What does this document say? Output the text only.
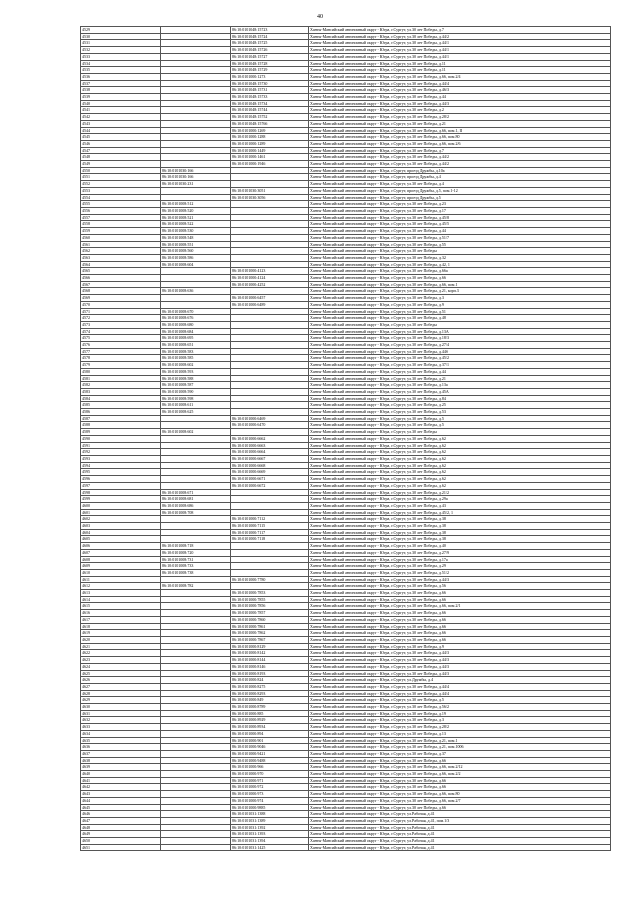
40
4529		86:10:0101048:15723	Ханты-Мансийский автономный округ - Югра, г.Сургут, ул.30 лет Победы, д.7
4530		86:10:0101048:15724	Ханты-Мансийский автономный округ - Югра, г.Сургут, ул.30 лет Победы, д.44/2
4531		86:10:0101048:15725	Ханты-Мансийский автономный округ - Югра, г.Сургут, ул.30 лет Победы, д.44/1
4532		86:10:0101048:15726	Ханты-Мансийский автономный округ - Югра, г.Сургут, ул.30 лет Победы, д.44/1
4533		86:10:0101048:15727	Ханты-Мансийский автономный округ - Югра, г.Сургут, ул.30 лет Победы, д.44/1
4534		86:10:0101048:15728	Ханты-Мансийский автономный округ - Югра, г.Сургут, ул.30 лет Победы, д.11
4535		86:10:0101048:15729	Ханты-Мансийский автономный округ - Югра, г.Сургут, ул.30 лет Победы, д.11
4536		86:10:0101000:1273	Ханты-Мансийский автономный округ - Югра, г.Сургут, ул.30 лет Победы, д.66, пом.2/4
4537		86:10:0101048:15730	Ханты-Мансийский автономный округ - Югра, г.Сургут, ул.30 лет Победы, д.44/4
4538		86:10:0101048:15731	Ханты-Мансийский автономный округ - Югра, г.Сургут, ул.30 лет Победы, д.46/3
4539		86:10:0101048:15733	Ханты-Мансийский автономный округ - Югра, г.Сургут, ул.30 лет Победы, д.44
4540		86:10:0101048:15734	Ханты-Мансийский автономный округ - Югра, г.Сургут, ул.30 лет Победы, д.44/3
4541		86:10:0101048:15744	Ханты-Мансийский автономный округ - Югра, г.Сургут, ул.30 лет Победы, д.2
4542		86:10:0101048:15752	Ханты-Мансийский автономный округ - Югра, г.Сургут, ул.30 лет Победы, д.28/2
4543		86:10:0101048:15766	Ханты-Мансийский автономный округ - Югра, г.Сургут, ул.30 лет Победы, д.21
4544		86:10:0101000:1269	Ханты-Мансийский автономный округ - Югра, г.Сургут, ул.30 лет Победы, д.66, пом.1, II
4545		86:10:0101000:1288	Ханты-Мансийский автономный округ - Югра, г.Сургут, ул.30 лет Победы, д.66, пом.80
4546		86:10:0101000:1289	Ханты-Мансийский автономный округ - Югра, г.Сургут, ул.30 лет Победы, д.66, пом.2/6
4547		86:10:0101000:1449	Ханты-Мансийский автономный округ - Югра, г.Сургут, ул.30 лет Победы, д.7
4548		86:10:0101000:1461	Ханты-Мансийский автономный округ - Югра, г.Сургут, ул.30 лет Победы, д.44/2
4549		86:10:0101000:1946	Ханты-Мансийский автономный округ - Югра, г.Сургут, ул.30 лет Победы, д.44/2
4550	86:10:0101030:166		Ханты-Мансийский автономный округ - Югра, г.Сургут, проезд Дружбы, д.10а
4551	86:10:0101030:166		Ханты-Мансийский автономный округ - Югра, г.Сургут, проезд Дружбы, д.4
4552	86:10:0101030:231		Ханты-Мансийский автономный округ - Югра, г.Сургут, ул.30 лет Победы, д.4
4553		86:10:0101030:3051	Ханты-Мансийский автономный округ - Югра, г.Сургут, проезд Дружбы, д.5, пом.1-12
4554		86:10:0101030:3056	Ханты-Мансийский автономный округ - Югра, г.Сургут, проезд Дружбы, д.5
4555	86:10:0101008:512		Ханты-Мансийский автономный округ - Югра, г.Сургут, ул.30 лет Победы, д.23
4556	86:10:0101008:520		Ханты-Мансийский автономный округ - Югра, г.Сургут, ул.30 лет Победы, д.17
4557	86:10:0101008:521		Ханты-Мансийский автономный округ - Югра, г.Сургут, ул.30 лет Победы, д.45/8
4558	86:10:0101008:522		Ханты-Мансийский автономный округ - Югра, г.Сургут, ул.30 лет Победы, д.45/5
4559	86:10:0101008:530		Ханты-Мансийский автономный округ - Югра, г.Сургут, ул.30 лет Победы, д.44
4560	86:10:0101008:548		Ханты-Мансийский автономный округ - Югра, г.Сургут, ул.30 лет Победы, д.51/7
4561	86:10:0101008:551		Ханты-Мансийский автономный округ - Югра, г.Сургут, ул.30 лет Победы, д.55
4562	86:10:0101008:560		Ханты-Мансийский автономный округ - Югра, г.Сургут, ул.30 лет Победы
4563	86:10:0101008:586		Ханты-Мансийский автономный округ - Югра, г.Сургут, ул.30 лет Победы, д.32
4564	86:10:0101008:604		Ханты-Мансийский автономный округ - Югра, г.Сургут, ул.30 лет Победы, д.42, 1
4565		86:10:0101000:4123	Ханты-Мансийский автономный округ - Югра, г.Сургут, ул.30 лет Победы, д.66а
4566		86:10:0101000:4124	Ханты-Мансийский автономный округ - Югра, г.Сургут, ул.30 лет Победы, д.66
4567		86:10:0101000:4252	Ханты-Мансийский автономный округ - Югра, г.Сургут, ул.30 лет Победы, д.66, пом.1
4568	86:10:0101008:636		Ханты-Мансийский автономный округ - Югра, г.Сургут, ул.30 лет Победы, д.21, корп.3
4569		86:10:0101000:6457	Ханты-Мансийский автономный округ - Югра, г.Сургут, ул.30 лет Победы, д.3
4570		86:10:0101000:6489	Ханты-Мансийский автономный округ - Югра, г.Сургут, ул.30 лет Победы, д.9
4571	86:10:0101008:670		Ханты-Мансийский автономный округ - Югра, г.Сургут, ул.30 лет Победы, д.51
4572	86:10:0101008:676		Ханты-Мансийский автономный округ - Югра, г.Сургут, ул.30 лет Победы, д.48
4573	86:10:0101008:680		Ханты-Мансийский автономный округ - Югра, г.Сургут, ул.30 лет Победы
4574	86:10:0101008:684		Ханты-Мансийский автономный округ - Югра, г.Сургут, ул.30 лет Победы, д.13А
4575	86:10:0101008:695		Ханты-Мансийский автономный округ - Югра, г.Сургут, ул.30 лет Победы, д.18/3
4576	86:10:0101008:651		Ханты-Мансийский автономный округ - Югра, г.Сургут, ул.30 лет Победы, д.27/4
4577	86:10:0101008:583		Ханты-Мансийский автономный округ - Югра, г.Сургут, ул.30 лет Победы, д.44б
4578	86:10:0101008:585		Ханты-Мансийский автономный округ - Югра, г.Сургут, ул.30 лет Победы, д.45/2
4579	86:10:0101008:602		Ханты-Мансийский автономный округ - Югра, г.Сургут, ул.30 лет Победы, д.37/1
4580	86:10:0101008:593		Ханты-Мансийский автономный округ - Югра, г.Сургут, ул.30 лет Победы, д.44
4581	86:10:0101008:588		Ханты-Мансийский автономный округ - Югра, г.Сургут, ул.30 лет Победы, д.21
4582	86:10:0101008:587		Ханты-Мансийский автономный округ - Югра, г.Сургут, ул.30 лет Победы, д.13а
4583	86:10:0101008:590		Ханты-Мансийский автономный округ - Югра, г.Сургут, ул.30 лет Победы, д.45А
4584	86:10:0101008:598		Ханты-Мансийский автономный округ - Югра, г.Сургут, ул.30 лет Победы, д.84
4585	86:10:0101008:611		Ханты-Мансийский автономный округ - Югра, г.Сургут, ул.30 лет Победы, д.25
4586	86:10:0101008:625		Ханты-Мансийский автономный округ - Югра, г.Сургут, ул.30 лет Победы, д.53
4587		86:10:0101000:6469	Ханты-Мансийский автономный округ - Югра, г.Сургут, ул.30 лет Победы, д.5
4588		86:10:0101000:6470	Ханты-Мансийский автономный округ - Югра, г.Сургут, ул.30 лет Победы, д.5
4589	86:10:0101008:602		Ханты-Мансийский автономный округ - Югра, г.Сургут, ул.30 лет Победы
4590		86:10:0101000:6662	Ханты-Мансийский автономный округ - Югра, г.Сургут, ул.30 лет Победы, д.62
4591		86:10:0101000:6663	Ханты-Мансийский автономный округ - Югра, г.Сургут, ул.30 лет Победы, д.62
4592		86:10:0101000:6664	Ханты-Мансийский автономный округ - Югра, г.Сургут, ул.30 лет Победы, д.62
4593		86:10:0101000:6667	Ханты-Мансийский автономный округ - Югра, г.Сургут, ул.30 лет Победы, д.62
4594		86:10:0101000:6668	Ханты-Мансийский автономный округ - Югра, г.Сургут, ул.30 лет Победы, д.62
4595		86:10:0101000:6669	Ханты-Мансийский автономный округ - Югра, г.Сургут, ул.30 лет Победы, д.62
4596		86:10:0101000:6671	Ханты-Мансийский автономный округ - Югра, г.Сургут, ул.30 лет Победы, д.62
4597		86:10:0101000:6672	Ханты-Мансийский автономный округ - Югра, г.Сургут, ул.30 лет Победы, д.62
4598	86:10:0101008:671		Ханты-Мансийский автономный округ - Югра, г.Сургут, ул.30 лет Победы, д.21/2
4599	86:10:0101008:681		Ханты-Мансийский автономный округ - Югра, г.Сургут, ул.30 лет Победы, д.29а
4600	86:10:0101008:686		Ханты-Мансийский автономный округ - Югра, г.Сургут, ул.30 лет Победы, д.43
4601	86:10:0101008:708		Ханты-Мансийский автономный округ - Югра, г.Сургут, ул.30 лет Победы, д.45/2, 1
4602		86:10:0101000:7112	Ханты-Мансийский автономный округ - Югра, г.Сургут, ул.30 лет Победы, д.38
4603		86:10:0101000:7115	Ханты-Мансийский автономный округ - Югра, г.Сургут, ул.30 лет Победы, д.38
4604		86:10:0101000:7117	Ханты-Мансийский автономный округ - Югра, г.Сургут, ул.30 лет Победы, д.38
4605		86:10:0101000:7118	Ханты-Мансийский автономный округ - Югра, г.Сургут, ул.30 лет Победы, д.38
4606	86:10:0101008:718		Ханты-Мансийский автономный округ - Югра, г.Сургут, ул.30 лет Победы, д.40
4607	86:10:0101008:720		Ханты-Мансийский автономный округ - Югра, г.Сургут, ул.30 лет Победы, д.27/9
4608	86:10:0101008:731		Ханты-Мансийский автономный округ - Югра, г.Сургут, ул.30 лет Победы, д.17а
4609	86:10:0101008:733		Ханты-Мансийский автономный округ - Югра, г.Сургут, ул.30 лет Победы, д.29
4610	86:10:0101008:738		Ханты-Мансийский автономный округ - Югра, г.Сургут, ул.30 лет Победы, д.51/2
4611		86:10:0101000:7780	Ханты-Мансийский автономный округ - Югра, г.Сургут, ул.30 лет Победы, д.44/3
4612	86:10:0101008:782		Ханты-Мансийский автономный округ - Югра, г.Сургут, ул.30 лет Победы, д.56
4613		86:10:0101000:7853	Ханты-Мансийский автономный округ - Югра, г.Сургут, ул.30 лет Победы, д.66
4614		86:10:0101000:7855	Ханты-Мансийский автономный округ - Югра, г.Сургут, ул.30 лет Победы, д.66
4615		86:10:0101000:7856	Ханты-Мансийский автономный округ - Югра, г.Сургут, ул.30 лет Победы, д.66, пом.2/1
4616		86:10:0101000:7857	Ханты-Мансийский автономный округ - Югра, г.Сургут, ул.30 лет Победы, д.66
4617		86:10:0101000:7860	Ханты-Мансийский автономный округ - Югра, г.Сургут, ул.30 лет Победы, д.66
4618		86:10:0101000:7861	Ханты-Мансийский автономный округ - Югра, г.Сургут, ул.30 лет Победы, д.66
4619		86:10:0101000:7862	Ханты-Мансийский автономный округ - Югра, г.Сургут, ул.30 лет Победы, д.66
4620		86:10:0101000:7867	Ханты-Мансийский автономный округ - Югра, г.Сургут, ул.30 лет Победы, д.66
4621		86:10:0101000:8129	Ханты-Мансийский автономный округ - Югра, г.Сургут, ул.30 лет Победы, д.9
4622		86:10:0101000:8142	Ханты-Мансийский автономный округ - Югра, г.Сургут, ул.30 лет Победы, д.44/3
4623		86:10:0101000:8144	Ханты-Мансийский автономный округ - Югра, г.Сургут, ул.30 лет Победы, д.44/3
4624		86:10:0101000:8146	Ханты-Мансийский автономный округ - Югра, г.Сургут, ул.30 лет Победы, д.44/3
4625		86:10:0101000:8193	Ханты-Мансийский автономный округ - Югра, г.Сургут, ул.30 лет Победы, д.44/3
4626		86:10:0101000:824	Ханты-Мансийский автономный округ - Югра, г.Сургут, ул.Дружбы, д.4
4627		86:10:0101000:8275	Ханты-Мансийский автономный округ - Югра, г.Сургут, ул.30 лет Победы, д.44/4
4628		86:10:0101000:8293	Ханты-Мансийский автономный округ - Югра, г.Сургут, ул.30 лет Победы, д.44/4
4629		86:10:0101000:849	Ханты-Мансийский автономный округ - Югра, г.Сургут, ул.30 лет Победы, д.5
4630		86:10:0101000:8789	Ханты-Мансийский автономный округ - Югра, г.Сургут, ул.30 лет Победы, д.56/2
4631		86:10:0101000:885	Ханты-Мансийский автономный округ - Югра, г.Сургут, ул.30 лет Победы, д.19
4632		86:10:0101000:8929	Ханты-Мансийский автономный округ - Югра, г.Сургут, ул.30 лет Победы, д.3
4633		86:10:0101000:8934	Ханты-Мансийский автономный округ - Югра, г.Сургут, ул.30 лет Победы, д.28/2
4634		86:10:0101000:894	Ханты-Мансийский автономный округ - Югра, г.Сургут, ул.30 лет Победы, д.13
4635		86:10:0101000:901	Ханты-Мансийский автономный округ - Югра, г.Сургут, ул.30 лет Победы, д.21, пом.1
4636		86:10:0101000:9046	Ханты-Мансийский автономный округ - Югра, г.Сургут, ул.30 лет Победы, д.21, пом.1006
4637		86:10:0101000:9421	Ханты-Мансийский автономный округ - Югра, г.Сургут, ул.30 лет Победы, д.37
4638		86:10:0101000:9488	Ханты-Мансийский автономный округ - Югра, г.Сургут, ул.30 лет Победы, д.66
4639		86:10:0101000:966	Ханты-Мансийский автономный округ - Югра, г.Сургут, ул.30 лет Победы, д.66, пом.2/12
4640		86:10:0101000:970	Ханты-Мансийский автономный округ - Югра, г.Сургут, ул.30 лет Победы, д.66, пом.2/2
4641		86:10:0101000:971	Ханты-Мансийский автономный округ - Югра, г.Сургут, ул.30 лет Победы, д.66
4642		86:10:0101000:972	Ханты-Мансийский автономный округ - Югра, г.Сургут, ул.30 лет Победы, д.66
4643		86:10:0101000:973	Ханты-Мансийский автономный округ - Югра, г.Сургут, ул.30 лет Победы, д.66, пом.80
4644		86:10:0101000:974	Ханты-Мансийский автономный округ - Югра, г.Сургут, ул.30 лет Победы, д.66, пом.2/7
4645		86:10:0101000:9885	Ханты-Мансийский автономный округ - Югра, г.Сургут, ул.30 лет Победы, д.66
4646		86:10:0101031:1388	Ханты-Мансийский автономный округ - Югра, г.Сургут, ул.Рабочая, д.41
4647		86:10:0101031:1389	Ханты-Мансийский автономный округ - Югра, г.Сургут, ул.Рабочая, д.41, пом.1/3
4648		86:10:0101031:1392	Ханты-Мансийский автономный округ - Югра, г.Сургут, ул.Рабочая, д.41
4649		86:10:0101031:1393	Ханты-Мансийский автономный округ - Югра, г.Сургут, ул.Рабочая, д.41
4650		86:10:0101031:1394	Ханты-Мансийский автономный округ - Югра, г.Сургут, ул.Рабочая, д.41
4651		86:10:0101031:1425	Ханты-Мансийский автономный округ - Югра, г.Сургут, ул.Рабочая, д.41
